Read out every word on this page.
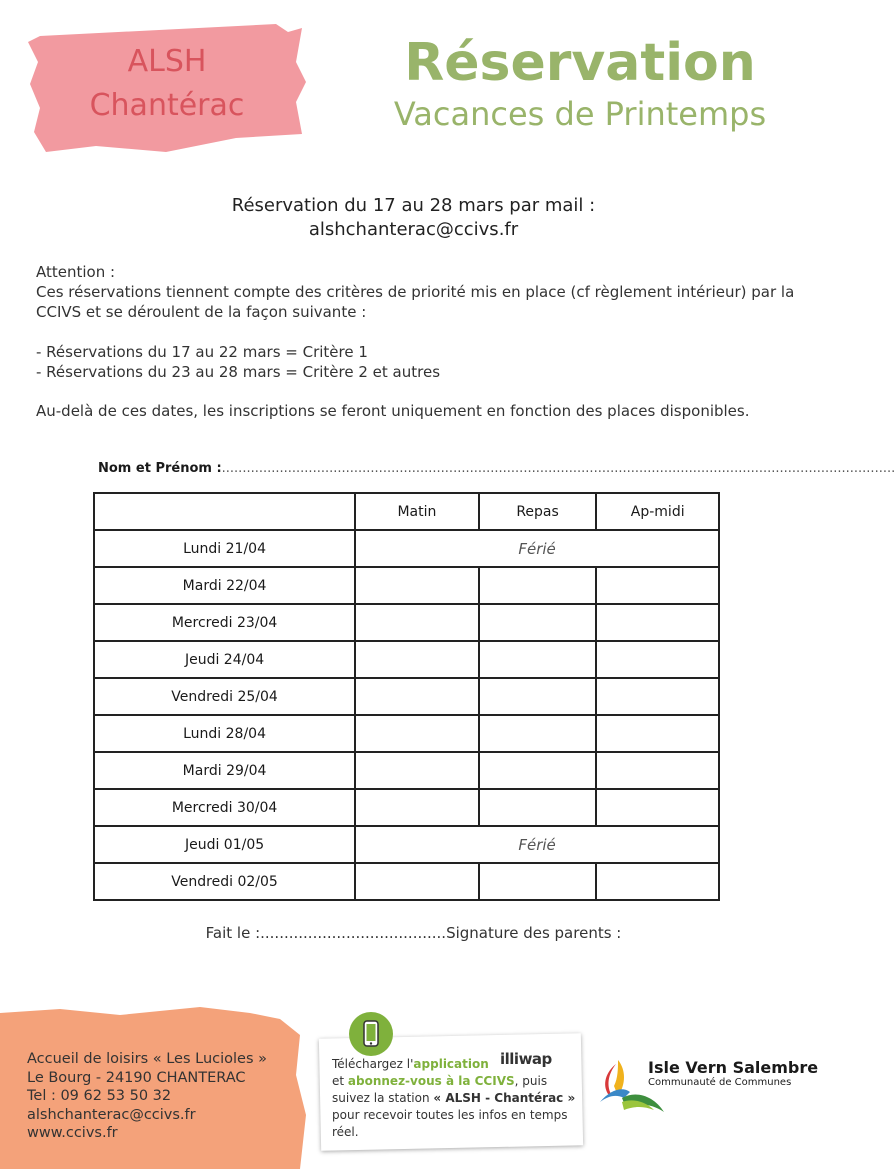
ALSH
Chantérac
Réservation
Vacances de Printemps
Réservation du 17 au 28 mars par mail :
alshchanterac@ccivs.fr
Attention :
Ces réservations tiennent compte des critères de priorité mis en place (cf règlement intérieur) par la CCIVS et se déroulent de la façon suivante :
- Réservations du 17 au 22 mars = Critère 1
- Réservations du 23 au 28 mars = Critère 2 et autres
Au-delà de ces dates, les inscriptions se feront uniquement en fonction des places disponibles.
Nom et Prénom :...................................................................................................................................................................
	Matin	Repas	Ap-midi
Lundi 21/04	Férié		
Mardi 22/04			
Mercredi 23/04			
Jeudi 24/04			
Vendredi 25/04			
Lundi 28/04			
Mardi 29/04			
Mercredi 30/04			
Jeudi 01/05	Férié		
Vendredi 02/05			
Fait le :.......................................Signature des parents :
Accueil de loisirs « Les Lucioles »
Le Bourg - 24190 CHANTERAC
Tel : 09 62 53 50 32
alshchanterac@ccivs.fr
www.ccivs.fr
illiwap
Téléchargez l'application
et abonnez-vous à la CCIVS, puis suivez la station « ALSH - Chantérac » pour recevoir toutes les infos en temps réel.
Isle Vern Salembre
Communauté de Communes
